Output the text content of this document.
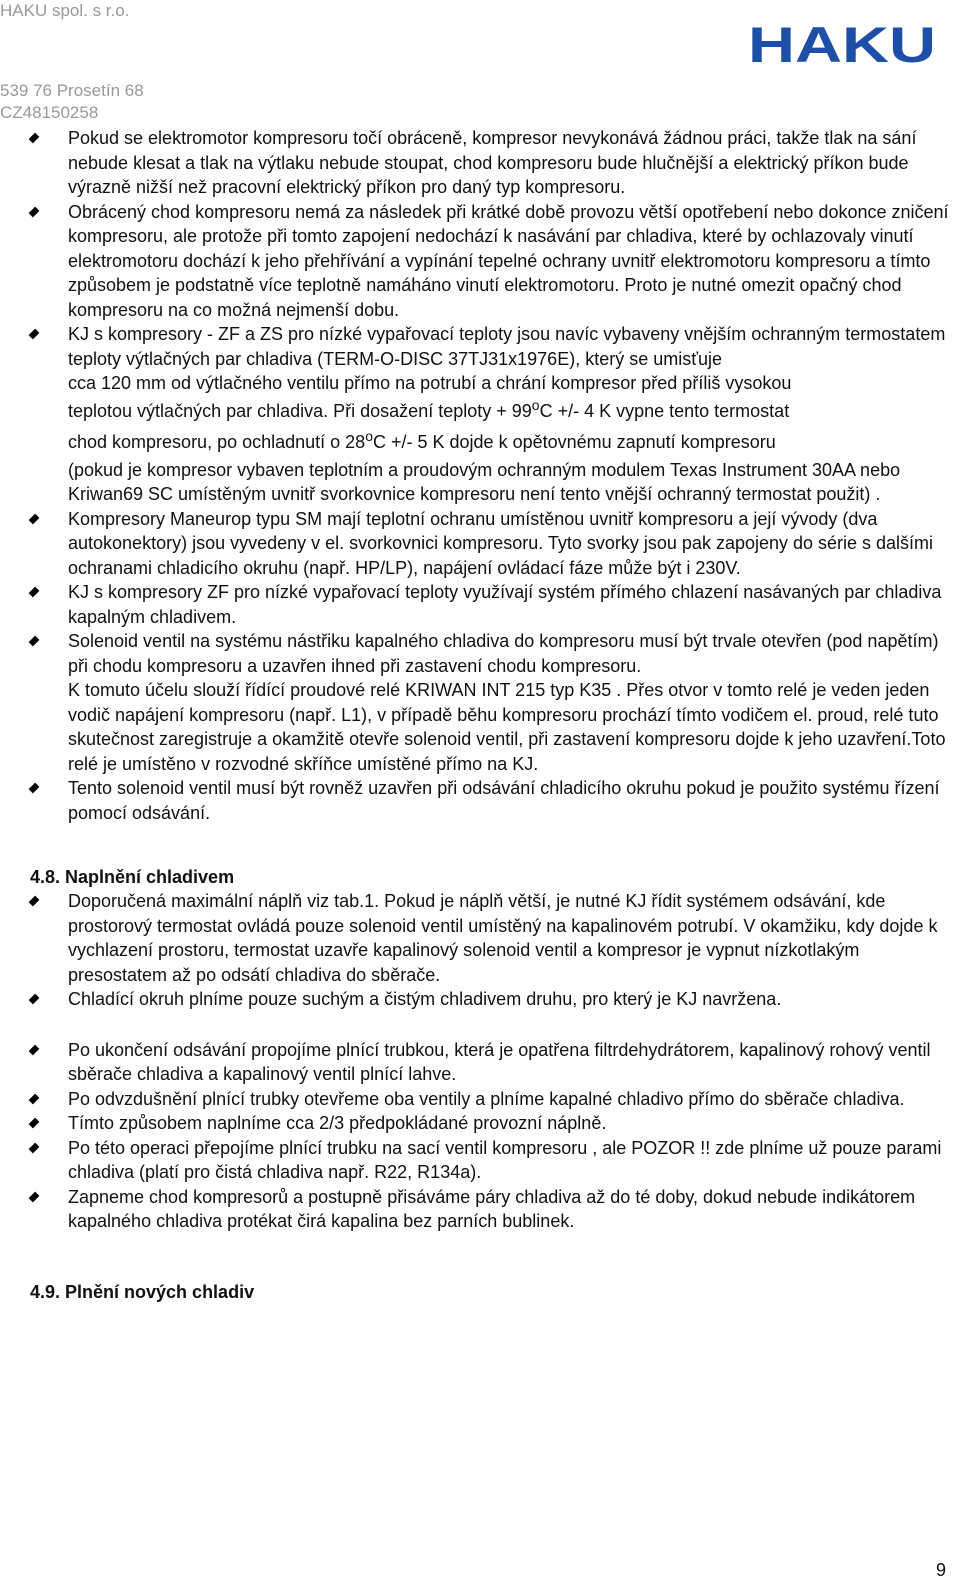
HAKU spol. s r.o.
539 76 Prosetín 68
CZ48150258
HAKU
Pokud se elektromotor kompresoru točí obráceně, kompresor nevykonává žádnou práci, takže tlak na sání nebude klesat a tlak na výtlaku nebude stoupat, chod kompresoru bude hlučnější a elektrický příkon bude výrazně nižší než pracovní elektrický příkon pro daný typ kompresoru.
Obrácený chod kompresoru nemá za následek při krátké době provozu větší opotřebení nebo dokonce zničení kompresoru, ale protože při tomto zapojení nedochází k nasávání par chladiva, které by ochlazovaly vinutí elektromotoru dochází k jeho přehřívání a vypínání tepelné ochrany uvnitř elektromotoru kompresoru a tímto způsobem je podstatně více teplotně namáháno vinutí elektromotoru. Proto je nutné omezit opačný chod kompresoru na co možná nejmenší dobu.
KJ s kompresory - ZF a ZS pro nízké vypařovací teploty jsou navíc vybaveny vnějším ochranným termostatem teploty výtlačných par chladiva (TERM-O-DISC 37TJ31x1976E), který se umisťuje
cca 120 mm od výtlačného ventilu přímo na potrubí a chrání kompresor před příliš vysokou
teplotou výtlačných par chladiva. Při dosažení teploty + $99^oC$ +/- 4 K vypne tento termostat
chod kompresoru, po ochladnutí o $28^oC$ +/- 5 K dojde k opětovnému zapnutí kompresoru
(pokud je kompresor vybaven teplotním a proudovým ochranným modulem Texas Instrument 30AA nebo Kriwan69 SC umístěným uvnitř svorkovnice kompresoru není tento vnější ochranný termostat použit) .
Kompresory Maneurop typu SM mají teplotní ochranu umístěnou uvnitř kompresoru a její vývody (dva autokonektory) jsou vyvedeny v el. svorkovnici kompresoru. Tyto svorky jsou pak zapojeny do série s dalšími ochranami chladicího okruhu (např. HP/LP), napájení ovládací fáze může být i 230V.
KJ s kompresory ZF pro nízké vypařovací teploty využívají systém přímého chlazení nasávaných par chladiva kapalným chladivem.
Solenoid ventil na systému nástřiku kapalného chladiva do kompresoru musí být trvale otevřen (pod napětím) při chodu kompresoru a uzavřen ihned při zastavení chodu kompresoru.
K tomuto účelu slouží řídící proudové relé KRIWAN INT 215 typ K35 . Přes otvor v tomto relé je veden jeden vodič napájení kompresoru (např. L1), v případě běhu kompresoru prochází tímto vodičem el. proud, relé tuto skutečnost zaregistruje a okamžitě otevře solenoid ventil, při zastavení kompresoru dojde k jeho uzavření.Toto relé je umístěno v rozvodné skříňce umístěné přímo na KJ.
Tento solenoid ventil musí být rovněž uzavřen při odsávání chladicího okruhu pokud je použito systému řízení pomocí odsávání.
4.8. Naplnění chladivem
Doporučená maximální náplň viz tab.1. Pokud je náplň větší, je nutné KJ řídit systémem odsávání, kde prostorový termostat ovládá pouze solenoid ventil umístěný na kapalinovém potrubí. V okamžiku, kdy dojde k vychlazení prostoru, termostat uzavře kapalinový solenoid ventil a kompresor je vypnut nízkotlakým presostatem až po odsátí chladiva do sběrače.
Chladící okruh plníme pouze suchým a čistým chladivem druhu, pro který je KJ navržena.
Po ukončení odsávání propojíme plnící trubkou, která je opatřena filtrdehydrátorem, kapalinový rohový ventil sběrače chladiva a kapalinový ventil plnící lahve.
Po odvzdušnění plnící trubky otevřeme oba ventily a plníme kapalné chladivo přímo do sběrače chladiva.
Tímto způsobem naplníme cca 2/3 předpokládané provozní náplně.
Po této operaci přepojíme plnící trubku na sací ventil kompresoru , ale POZOR !! zde plníme už pouze parami chladiva (platí pro čistá chladiva např. R22, R134a).
Zapneme chod kompresorů a postupně přisáváme páry chladiva až do té doby, dokud nebude indikátorem kapalného chladiva protékat čirá kapalina bez parních bublinek.
4.9. Plnění nových chladiv
9
